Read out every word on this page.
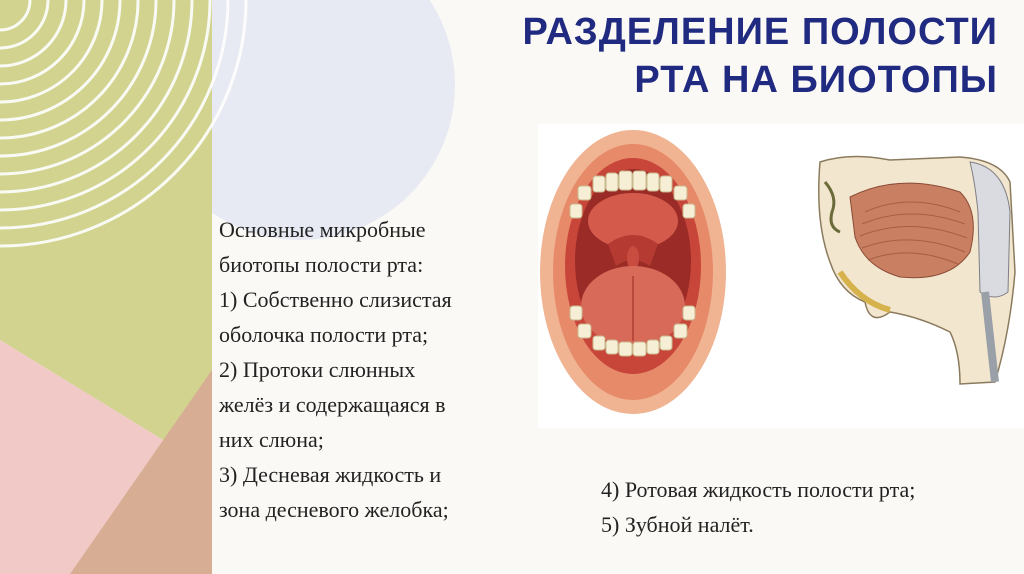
РАЗДЕЛЕНИЕ ПОЛОСТИ
РТА НА БИОТОПЫ
Основные микробные
биотопы полости рта:
1) Собственно слизистая
оболочка полости рта;
2) Протоки слюнных
желёз и содержащаяся в
них слюна;
3) Десневая жидкость и
зона десневого желобка;
4) Ротовая жидкость полости рта;
5) Зубной налёт.
